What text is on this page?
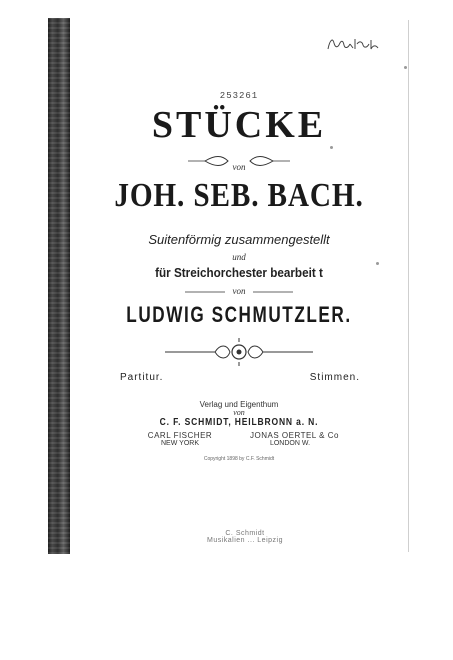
253261
STÜCKE
von
JOH. SEB. BACH.
Suitenförmig zusammengestellt
und
für Streichorchester bearbeit t
von
LUDWIG SCHMUTZLER.
Partitur.	Stimmen.
Verlag und Eigenthum
von
C. F. SCHMIDT, HEILBRONN a. N.
CARL FISCHER
NEW YORK
JONAS OERTEL & Co
LONDON W.
Copyright 1898 by C.F. Schmidt
C. Schmidt
Musikalien ... Leipzig
